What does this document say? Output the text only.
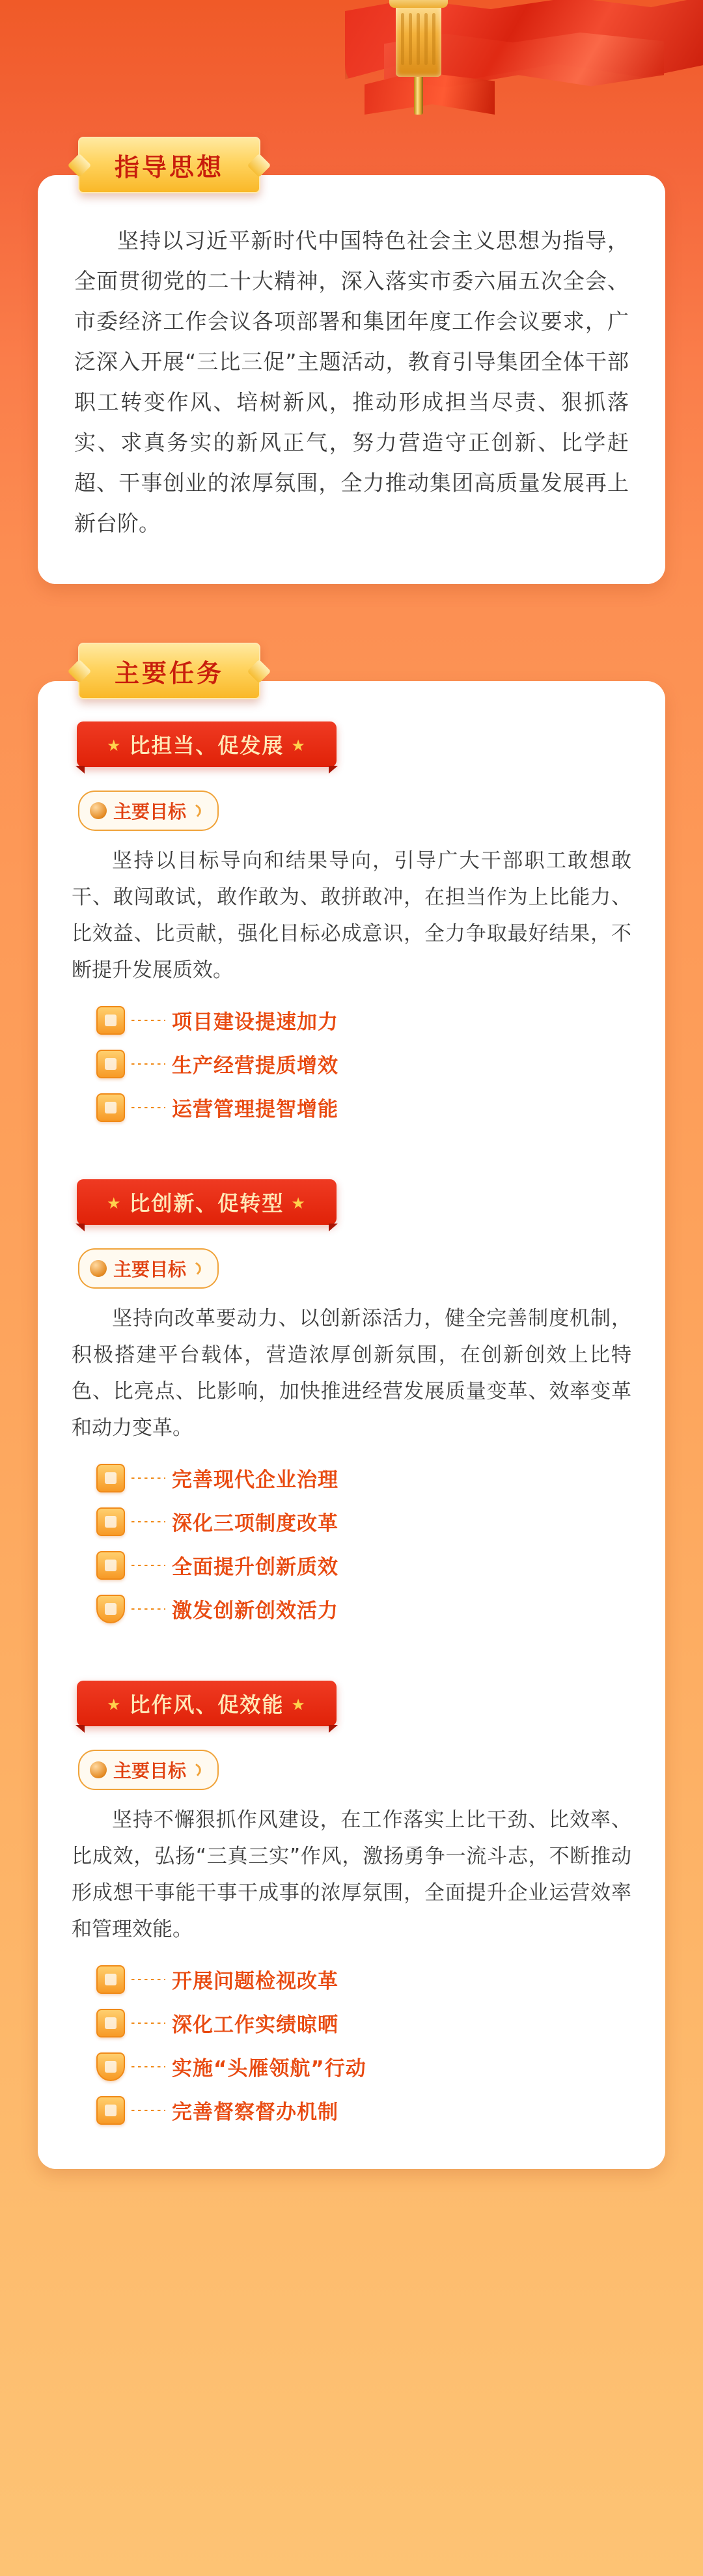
指导思想

坚持以习近平新时代中国特色社会主义思想为指导，全面贯彻党的二十大精神，深入落实市委六届五次全会、市委经济工作会议各项部署和集团年度工作会议要求，广泛深入开展“三比三促”主题活动，教育引导集团全体干部职工转变作风、培树新风，推动形成担当尽责、狠抓落实、求真务实的新风正气，努力营造守正创新、比学赶超、干事创业的浓厚氛围，全力推动集团高质量发展再上新台阶。

主要任务
★ 比担当、促发展 ★
主要目标

坚持以目标导向和结果导向，引导广大干部职工敢想敢干、敢闯敢试，敢作敢为、敢拼敢冲，在担当作为上比能力、比效益、比贡献，强化目标必成意识，全力争取最好结果，不断提升发展质效。

项目建设提速加力
生产经营提质增效
运营管理提智增能
★ 比创新、促转型 ★
主要目标

坚持向改革要动力、以创新添活力，健全完善制度机制，积极搭建平台载体，营造浓厚创新氛围，在创新创效上比特色、比亮点、比影响，加快推进经营发展质量变革、效率变革和动力变革。

完善现代企业治理
深化三项制度改革
全面提升创新质效
激发创新创效活力
★ 比作风、促效能 ★
主要目标

坚持不懈狠抓作风建设，在工作落实上比干劲、比效率、比成效，弘扬“三真三实”作风，激扬勇争一流斗志，不断推动形成想干事能干事干成事的浓厚氛围，全面提升企业运营效率和管理效能。

开展问题检视改革
深化工作实绩晾晒
实施“头雁领航”行动
完善督察督办机制
